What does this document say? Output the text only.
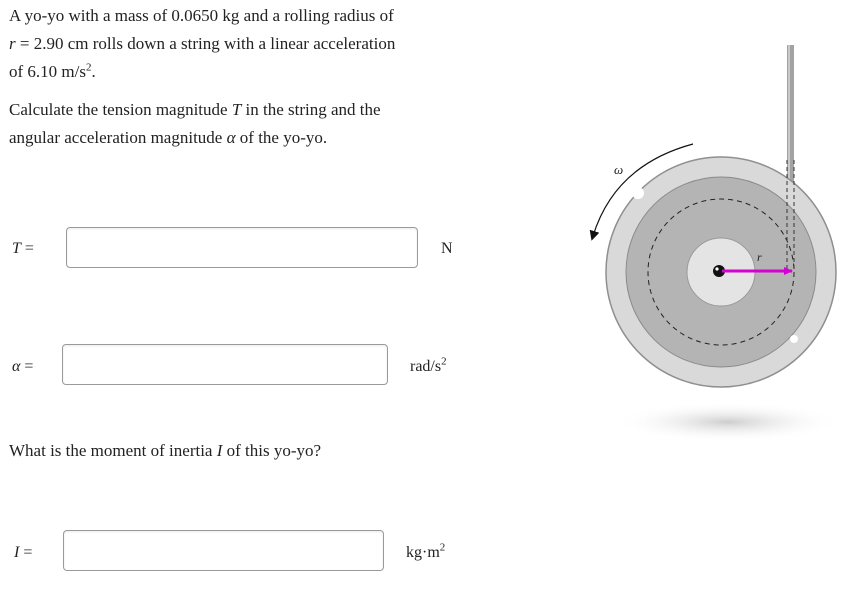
A yo-yo with a mass of 0.0650 kg and a rolling radius of
r = 2.90 cm rolls down a string with a linear acceleration
of 6.10 $m/s^2$.

Calculate the tension magnitude T in the string and the
angular acceleration magnitude α of the yo-yo.

T =	N
α =	rad/$s^2$

What is the moment of inertia I of this yo-yo?

I =	$kg\cdot m^2$
r
ω
